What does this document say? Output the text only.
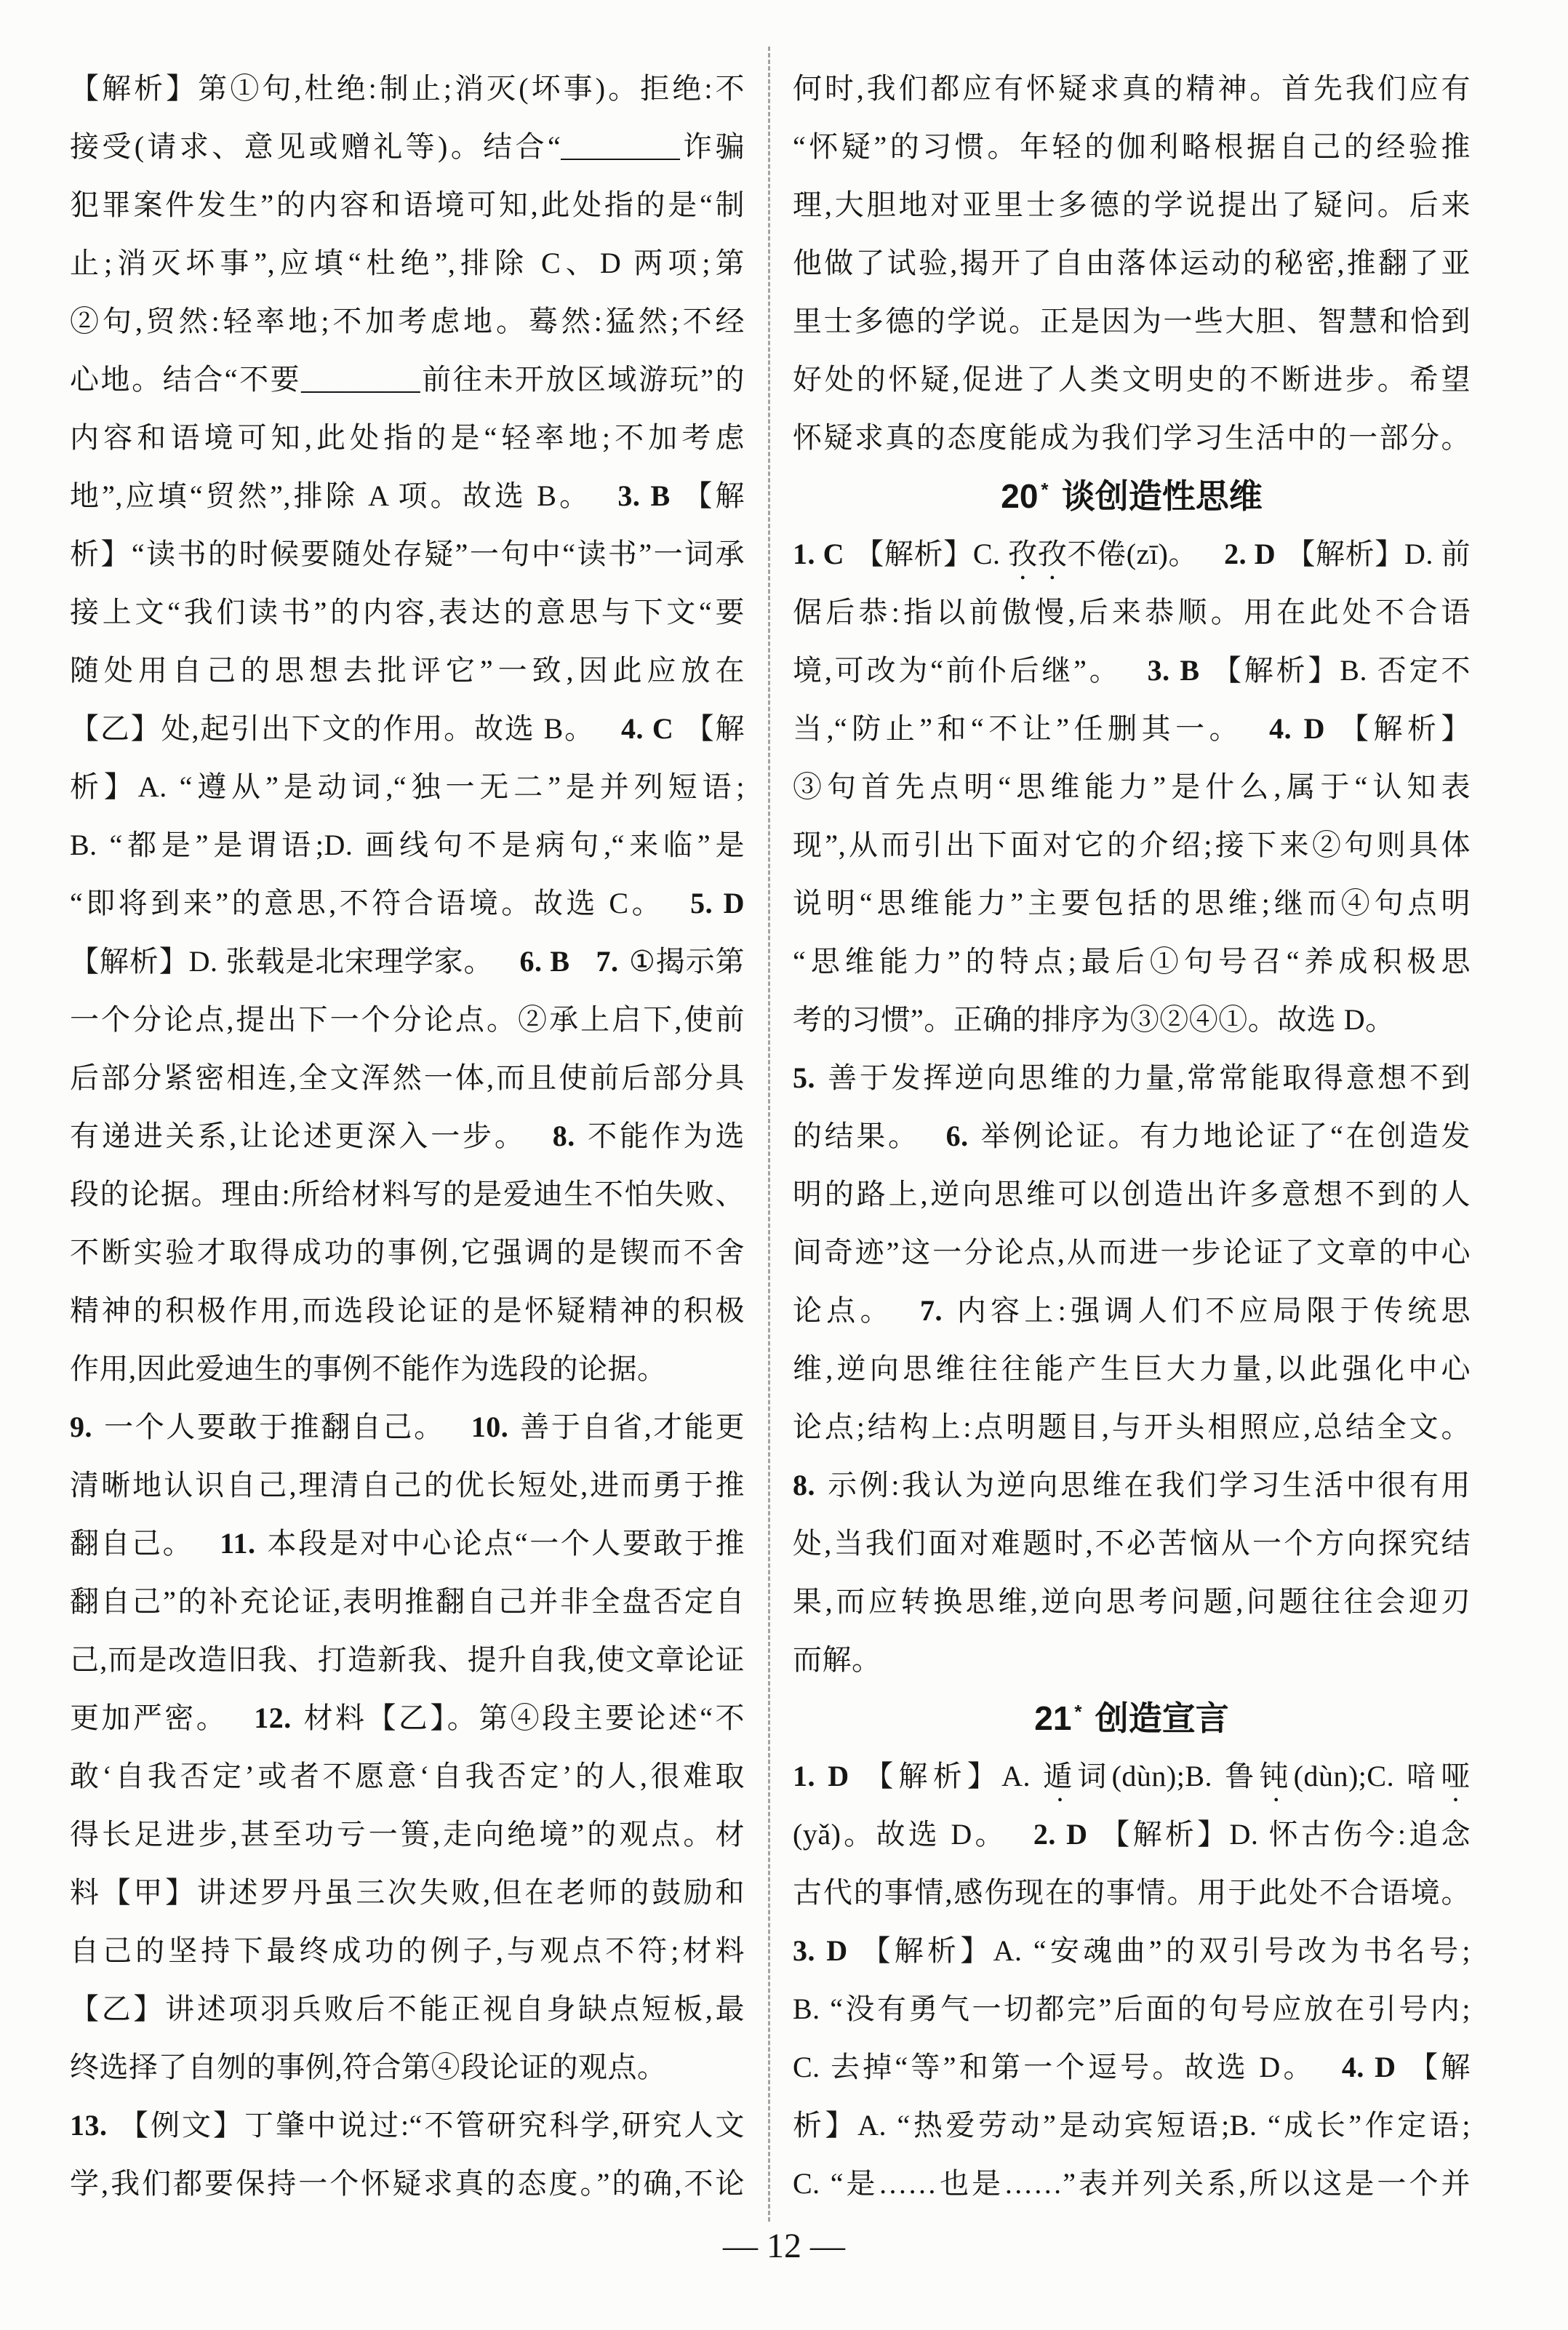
【解析】第①句,杜绝:制止;消灭(坏事)。拒绝:不
接受(请求、意见或赠礼等)。结合“________诈骗
犯罪案件发生”的内容和语境可知,此处指的是“制
止;消灭坏事”,应填“杜绝”,排除 C、D 两项;第
②句,贸然:轻率地;不加考虑地。蓦然:猛然;不经
心地。结合“不要________前往未开放区域游玩”的
内容和语境可知,此处指的是“轻率地;不加考虑
地”,应填“贸然”,排除 A 项。故选 B。 3. B 【解
析】“读书的时候要随处存疑”一句中“读书”一词承
接上文“我们读书”的内容,表达的意思与下文“要
随处用自己的思想去批评它”一致,因此应放在
【乙】处,起引出下文的作用。故选 B。 4. C 【解
析】A. “遵从”是动词,“独一无二”是并列短语;
B. “都是”是谓语;D. 画线句不是病句,“来临”是
“即将到来”的意思,不符合语境。故选 C。 5. D
【解析】D. 张载是北宋理学家。 6. B 7. ①揭示第
一个分论点,提出下一个分论点。②承上启下,使前
后部分紧密相连,全文浑然一体,而且使前后部分具
有递进关系,让论述更深入一步。 8. 不能作为选
段的论据。理由:所给材料写的是爱迪生不怕失败、
不断实验才取得成功的事例,它强调的是锲而不舍
精神的积极作用,而选段论证的是怀疑精神的积极
作用,因此爱迪生的事例不能作为选段的论据。
9. 一个人要敢于推翻自己。 10. 善于自省,才能更
清晰地认识自己,理清自己的优长短处,进而勇于推
翻自己。 11. 本段是对中心论点“一个人要敢于推
翻自己”的补充论证,表明推翻自己并非全盘否定自
己,而是改造旧我、打造新我、提升自我,使文章论证
更加严密。 12. 材料【乙】。第④段主要论述“不
敢‘自我否定’或者不愿意‘自我否定’的人,很难取
得长足进步,甚至功亏一篑,走向绝境”的观点。材
料【甲】讲述罗丹虽三次失败,但在老师的鼓励和
自己的坚持下最终成功的例子,与观点不符;材料
【乙】讲述项羽兵败后不能正视自身缺点短板,最
终选择了自刎的事例,符合第④段论证的观点。
13. 【例文】丁肇中说过:“不管研究科学,研究人文
学,我们都要保持一个怀疑求真的态度。”的确,不论
何时,我们都应有怀疑求真的精神。首先我们应有
“怀疑”的习惯。年轻的伽利略根据自己的经验推
理,大胆地对亚里士多德的学说提出了疑问。后来
他做了试验,揭开了自由落体运动的秘密,推翻了亚
里士多德的学说。正是因为一些大胆、智慧和恰到
好处的怀疑,促进了人类文明史的不断进步。希望
怀疑求真的态度能成为我们学习生活中的一部分。
20 * 谈创造性思维
1. C 【解析】C. 孜孜不倦(zī)。 2. D 【解析】D. 前
倨后恭:指以前傲慢,后来恭顺。用在此处不合语
境,可改为“前仆后继”。 3. B 【解析】B. 否定不
当,“防止”和“不让”任删其一。 4. D 【解析】
③句首先点明“思维能力”是什么,属于“认知表
现”,从而引出下面对它的介绍;接下来②句则具体
说明“思维能力”主要包括的思维;继而④句点明
“思维能力”的特点;最后①句号召“养成积极思
考的习惯”。正确的排序为③②④①。故选 D。
5. 善于发挥逆向思维的力量,常常能取得意想不到
的结果。 6. 举例论证。有力地论证了“在创造发
明的路上,逆向思维可以创造出许多意想不到的人
间奇迹”这一分论点,从而进一步论证了文章的中心
论点。 7. 内容上:强调人们不应局限于传统思
维,逆向思维往往能产生巨大力量,以此强化中心
论点;结构上:点明题目,与开头相照应,总结全文。
8. 示例:我认为逆向思维在我们学习生活中很有用
处,当我们面对难题时,不必苦恼从一个方向探究结
果,而应转换思维,逆向思考问题,问题往往会迎刃
而解。
21 * 创造宣言
1. D 【解析】A. 遁词(dùn);B. 鲁钝(dùn);C. 喑哑
(yǎ)。故选 D。 2. D 【解析】D. 怀古伤今:追念
古代的事情,感伤现在的事情。用于此处不合语境。
3. D 【解析】A. “安魂曲”的双引号改为书名号;
B. “没有勇气一切都完”后面的句号应放在引号内;
C. 去掉“等”和第一个逗号。故选 D。 4. D 【解
析】A. “热爱劳动”是动宾短语;B. “成长”作定语;
C. “是……也是……”表并列关系,所以这是一个并
— 12 —
